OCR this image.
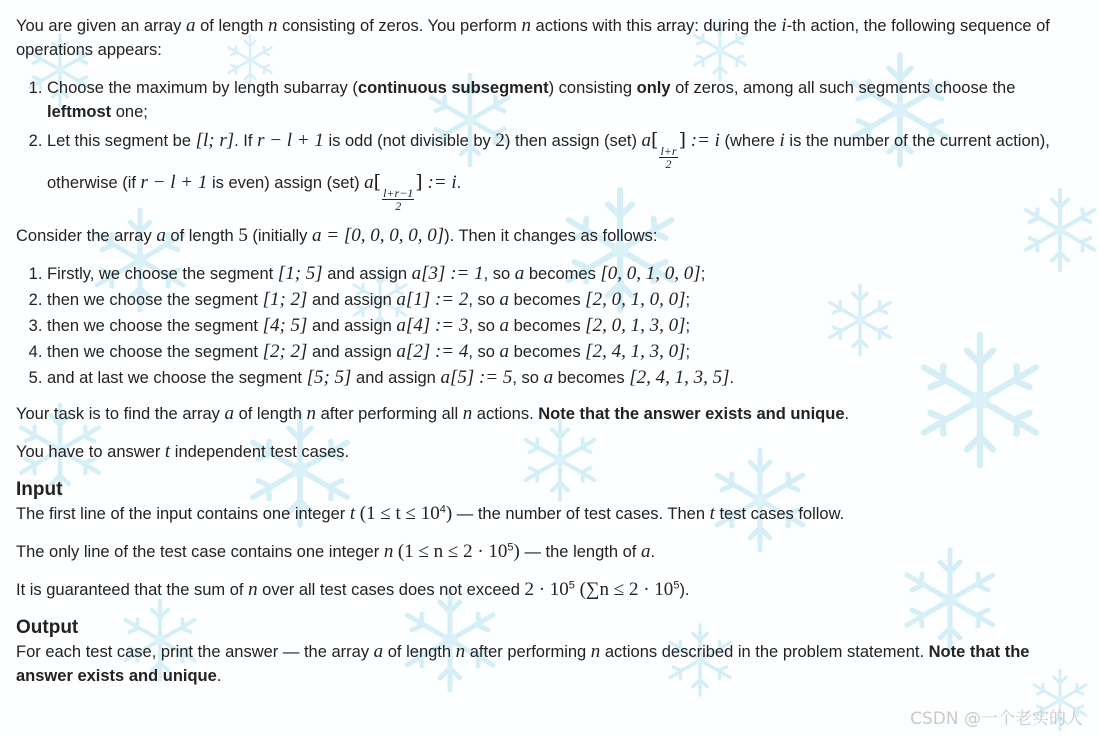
You are given an array a of length n consisting of zeros. You perform n actions with this array: during the i-th action, the following sequence of operations appears:

1. Choose the maximum by length subarray (continuous subsegment) consisting only of zeros, among all such segments choose the leftmost one;
2. Let this segment be [l; r]. If r − l + 1 is odd (not divisible by 2) then assign (set) a[
$\frac{l+r}{2}$
] := i (where i is the number of the current action), otherwise (if r − l + 1 is even) assign (set) a[
$\frac{l+r-1}{2}$
] := i.

Consider the array a of length 5 (initially a = [0, 0, 0, 0, 0]). Then it changes as follows:

1. Firstly, we choose the segment [1; 5] and assign a[3] := 1, so a becomes [0, 0, 1, 0, 0];
2. then we choose the segment [1; 2] and assign a[1] := 2, so a becomes [2, 0, 1, 0, 0];
3. then we choose the segment [4; 5] and assign a[4] := 3, so a becomes [2, 0, 1, 3, 0];
4. then we choose the segment [2; 2] and assign a[2] := 4, so a becomes [2, 4, 1, 3, 0];
5. and at last we choose the segment [5; 5] and assign a[5] := 5, so a becomes [2, 4, 1, 3, 5].

Your task is to find the array a of length n after performing all n actions. Note that the answer exists and unique.

You have to answer t independent test cases.

Input

The first line of the input contains one integer t $(1 \le t \le 10^4)$ — the number of test cases. Then t test cases follow.

The only line of the test case contains one integer n $(1 \le n \le 2 \cdot 10^5)$ — the length of a.

It is guaranteed that the sum of n over all test cases does not exceed $2 \cdot 10^5$ $(\sum n \le 2 \cdot 10^5)$.

Output

For each test case, print the answer — the array a of length n after performing n actions described in the problem statement. Note that the answer exists and unique.

CSDN @一个老实的人
